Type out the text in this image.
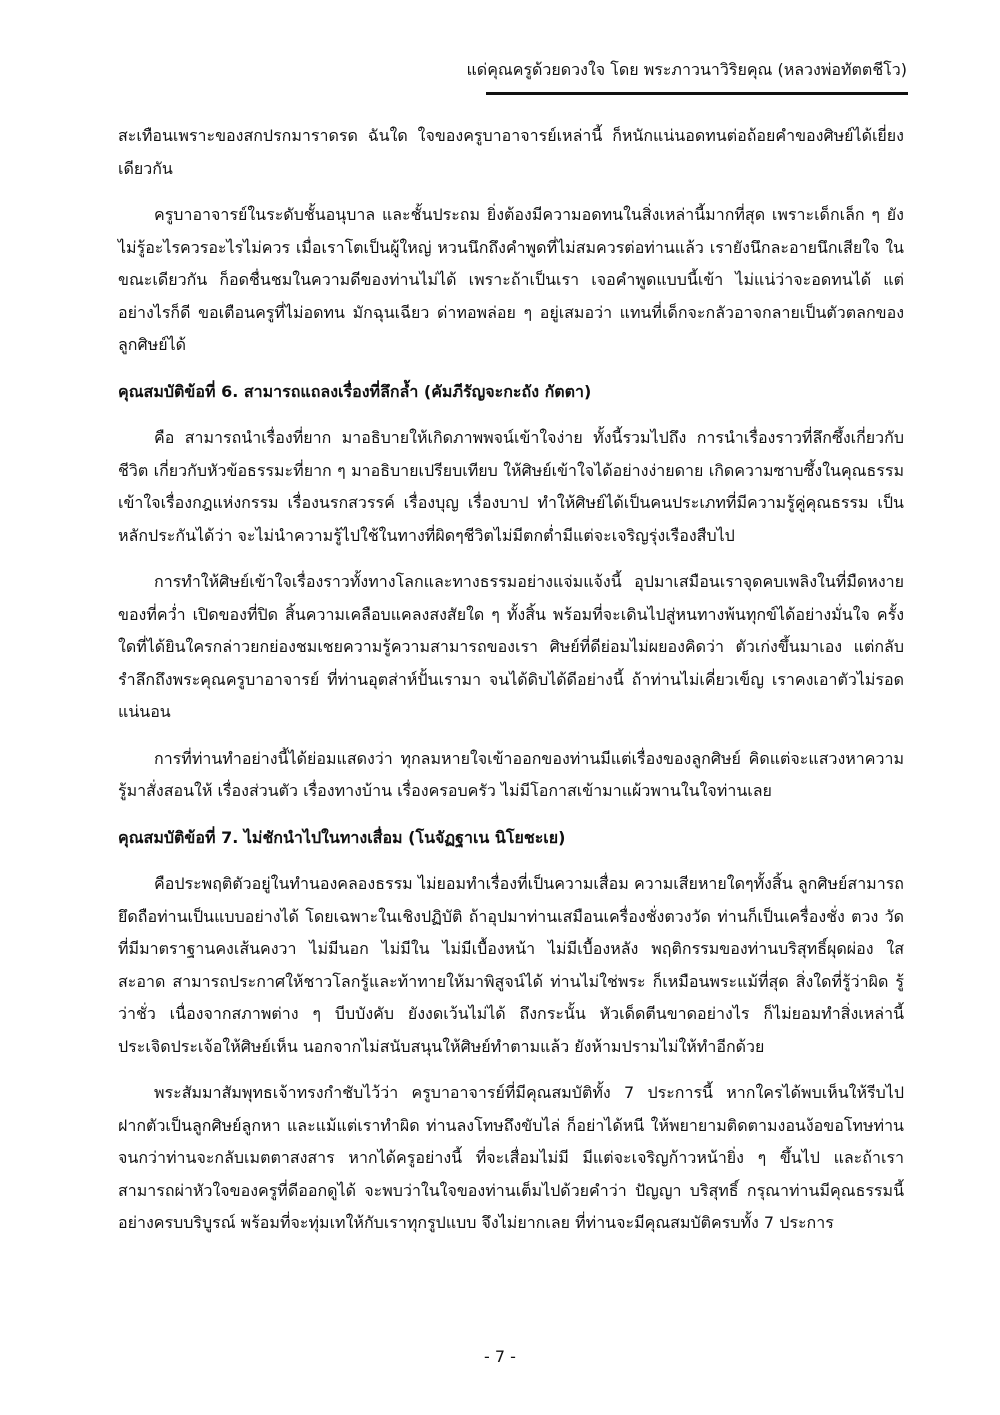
แด่คุณครูด้วยดวงใจ โดย พระภาวนาวิริยคุณ (หลวงพ่อทัตตชีโว)

สะเทือนเพราะของสกปรกมาราดรด ฉันใด ใจของครูบาอาจารย์เหล่านี้ ก็หนักแน่นอดทนต่อถ้อยคำของศิษย์ได้เยี่ยงเดียวกัน

ครูบาอาจารย์ในระดับชั้นอนุบาล และชั้นประถม ยิ่งต้องมีความอดทนในสิ่งเหล่านี้มากที่สุด เพราะเด็กเล็ก ๆ ยังไม่รู้อะไรควรอะไรไม่ควร เมื่อเราโตเป็นผู้ใหญ่ หวนนึกถึงคำพูดที่ไม่สมควรต่อท่านแล้ว เรายังนึกละอายนึกเสียใจ ในขณะเดียวกัน ก็อดชื่นชมในความดีของท่านไม่ได้ เพราะถ้าเป็นเรา เจอคำพูดแบบนี้เข้า ไม่แน่ว่าจะอดทนได้ แต่อย่างไรก็ดี ขอเตือนครูที่ไม่อดทน มักฉุนเฉียว ด่าทอพล่อย ๆ อยู่เสมอว่า แทนที่เด็กจะกลัวอาจกลายเป็นตัวตลกของลูกศิษย์ได้

คุณสมบัติข้อที่ 6. สามารถแถลงเรื่องที่ลึกล้ำ (คัมภีรัญจะกะถัง กัตตา)

คือ สามารถนำเรื่องที่ยาก มาอธิบายให้เกิดภาพพจน์เข้าใจง่าย ทั้งนี้รวมไปถึง การนำเรื่องราวที่ลึกซึ้งเกี่ยวกับชีวิต เกี่ยวกับหัวข้อธรรมะที่ยาก ๆ มาอธิบายเปรียบเทียบ ให้ศิษย์เข้าใจได้อย่างง่ายดาย เกิดความซาบซึ้งในคุณธรรม เข้าใจเรื่องกฎแห่งกรรม เรื่องนรกสวรรค์ เรื่องบุญ เรื่องบาป ทำให้ศิษย์ได้เป็นคนประเภทที่มีความรู้คู่คุณธรรม เป็นหลักประกันได้ว่า จะไม่นำความรู้ไปใช้ในทางที่ผิดๆชีวิตไม่มีตกต่ำมีแต่จะเจริญรุ่งเรืองสืบไป

การทำให้ศิษย์เข้าใจเรื่องราวทั้งทางโลกและทางธรรมอย่างแจ่มแจ้งนี้ อุปมาเสมือนเราจุดคบเพลิงในที่มืดหงายของที่คว่ำ เปิดของที่ปิด สิ้นความเคลือบแคลงสงสัยใด ๆ ทั้งสิ้น พร้อมที่จะเดินไปสู่หนทางพ้นทุกข์ได้อย่างมั่นใจ ครั้งใดที่ได้ยินใครกล่าวยกย่องชมเชยความรู้ความสามารถของเรา ศิษย์ที่ดีย่อมไม่ผยองคิดว่า ตัวเก่งขึ้นมาเอง แต่กลับรำลึกถึงพระคุณครูบาอาจารย์ ที่ท่านอุตส่าห์ปั้นเรามา จนได้ดิบได้ดีอย่างนี้ ถ้าท่านไม่เคี่ยวเข็ญ เราคงเอาตัวไม่รอดแน่นอน

การที่ท่านทำอย่างนี้ได้ย่อมแสดงว่า ทุกลมหายใจเข้าออกของท่านมีแต่เรื่องของลูกศิษย์ คิดแต่จะแสวงหาความรู้มาสั่งสอนให้ เรื่องส่วนตัว เรื่องทางบ้าน เรื่องครอบครัว ไม่มีโอกาสเข้ามาแผ้วพานในใจท่านเลย

คุณสมบัติข้อที่ 7. ไม่ชักนำไปในทางเสื่อม (โนจัฏฐาเน นิโยชะเย)

คือประพฤติตัวอยู่ในทำนองคลองธรรม ไม่ยอมทำเรื่องที่เป็นความเสื่อม ความเสียหายใดๆทั้งสิ้น ลูกศิษย์สามารถยึดถือท่านเป็นแบบอย่างได้ โดยเฉพาะในเชิงปฏิบัติ ถ้าอุปมาท่านเสมือนเครื่องชั่งตวงวัด ท่านก็เป็นเครื่องชั่ง ตวง วัด ที่มีมาตราฐานคงเส้นคงวา ไม่มีนอก ไม่มีใน ไม่มีเบื้องหน้า ไม่มีเบื้องหลัง พฤติกรรมของท่านบริสุทธิ์ผุดผ่อง ใสสะอาด สามารถประกาศให้ชาวโลกรู้และท้าทายให้มาพิสูจน์ได้ ท่านไม่ใช่พระ ก็เหมือนพระแม้ที่สุด สิ่งใดที่รู้ว่าผิด รู้ว่าชั่ว เนื่องจากสภาพต่าง ๆ บีบบังคับ ยังงดเว้นไม่ได้ ถึงกระนั้น หัวเด็ดตีนขาดอย่างไร ก็ไม่ยอมทำสิ่งเหล่านี้ประเจิดประเจ้อให้ศิษย์เห็น นอกจากไม่สนับสนุนให้ศิษย์ทำตามแล้ว ยังห้ามปรามไม่ให้ทำอีกด้วย

พระสัมมาสัมพุทธเจ้าทรงกำชับไว้ว่า ครูบาอาจารย์ที่มีคุณสมบัติทั้ง 7 ประการนี้ หากใครได้พบเห็นให้รีบไปฝากตัวเป็นลูกศิษย์ลูกหา และแม้แต่เราทำผิด ท่านลงโทษถึงขับไล่ ก็อย่าได้หนี ให้พยายามติดตามงอนง้อขอโทษท่าน จนกว่าท่านจะกลับเมตตาสงสาร หากได้ครูอย่างนี้ ที่จะเสื่อมไม่มี มีแต่จะเจริญก้าวหน้ายิ่ง ๆ ขึ้นไป และถ้าเราสามารถผ่าหัวใจของครูที่ดีออกดูได้ จะพบว่าในใจของท่านเต็มไปด้วยคำว่า ปัญญา บริสุทธิ์ กรุณาท่านมีคุณธรรมนี้อย่างครบบริบูรณ์ พร้อมที่จะทุ่มเทให้กับเราทุกรูปแบบ จึงไม่ยากเลย ที่ท่านจะมีคุณสมบัติครบทั้ง 7 ประการ

- 7 -
